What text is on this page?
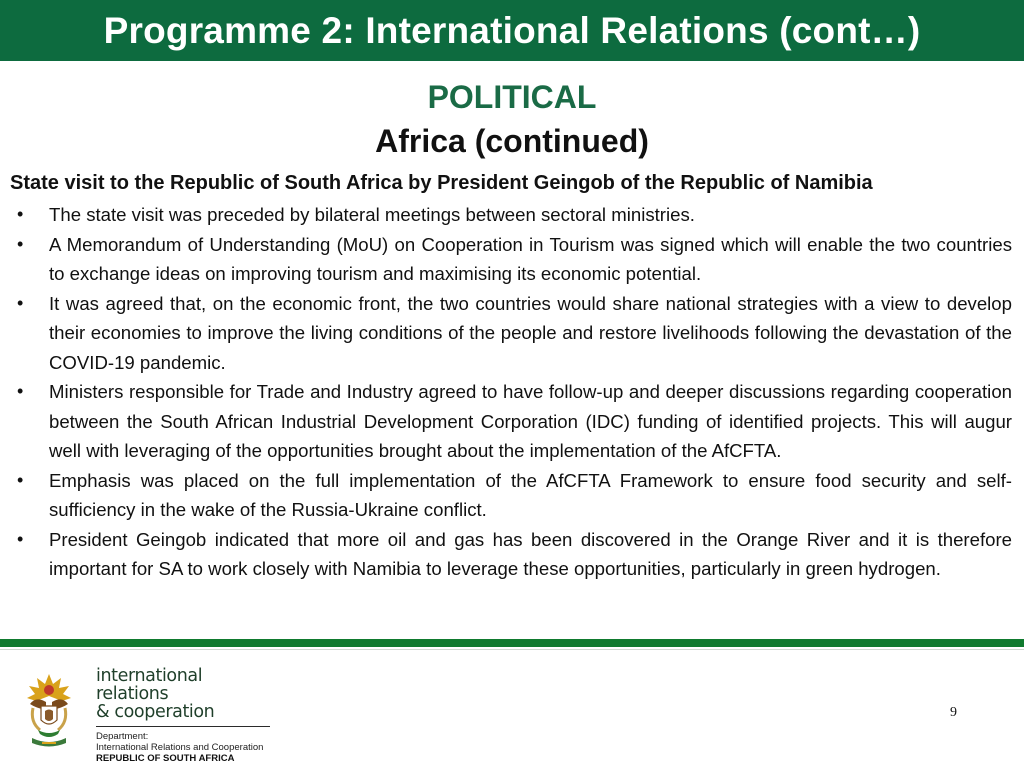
Programme 2: International Relations (cont…)
POLITICAL
Africa (continued)
State visit to the Republic of South Africa by President Geingob of the Republic of Namibia
• The state visit was preceded by bilateral meetings between sectoral ministries.
• A Memorandum of Understanding (MoU) on Cooperation in Tourism was signed which will enable the two countries to exchange ideas on improving tourism and maximising its economic potential.
• It was agreed that, on the economic front, the two countries would share national strategies with a view to develop their economies to improve the living conditions of the people and restore livelihoods following the devastation of the COVID-19 pandemic.
• Ministers responsible for Trade and Industry agreed to have follow-up and deeper discussions regarding cooperation between the South African Industrial Development Corporation (IDC) funding of identified projects. This will augur well with leveraging of the opportunities brought about the implementation of the AfCFTA.
• Emphasis was placed on the full implementation of the AfCFTA Framework to ensure food security and self-sufficiency in the wake of the Russia-Ukraine conflict.
• President Geingob indicated that more oil and gas has been discovered in the Orange River and it is therefore important for SA to work closely with Namibia to leverage these opportunities, particularly in green hydrogen.
international relations
& cooperation
Department:
International Relations and Cooperation
REPUBLIC OF SOUTH AFRICA
9
